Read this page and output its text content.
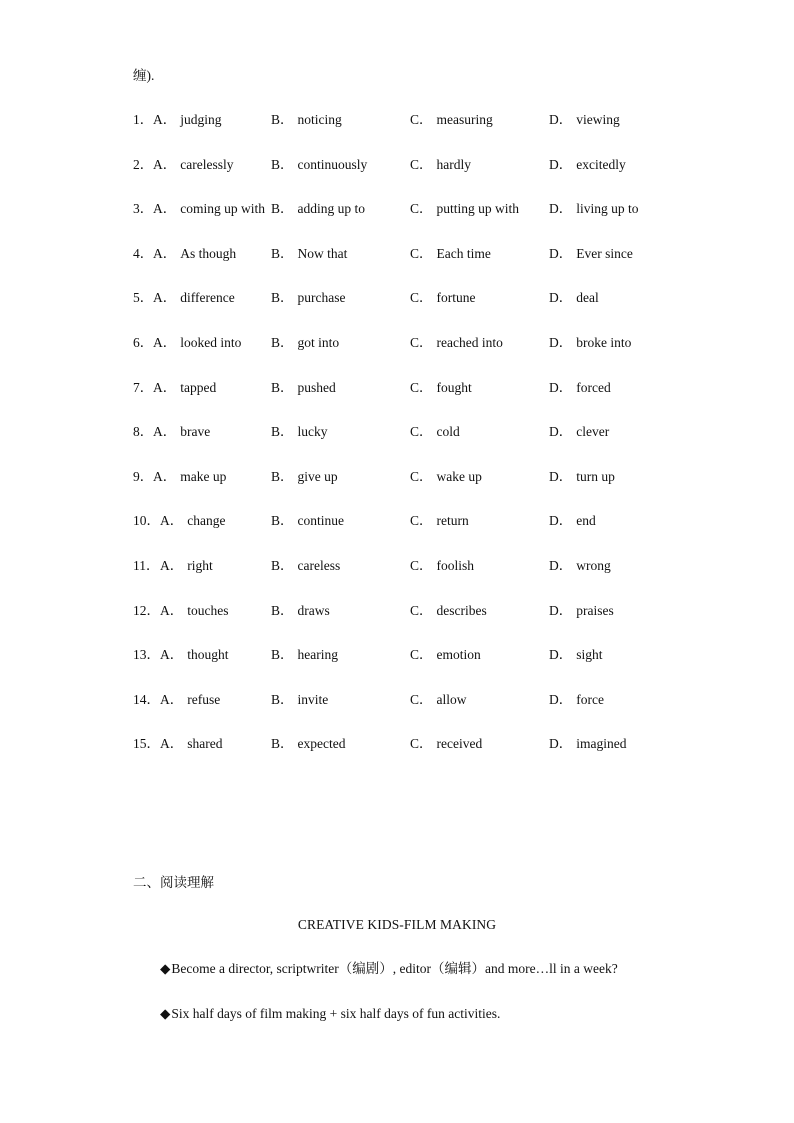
缠).
1． A． judging	B． noticing	C． measuring	D． viewing
2． A． carelessly	B． continuously	C． hardly	D． excitedly
3． A． coming up with B． adding up to	C． putting up with D． living up to
4． A． As though	B． Now that	C． Each time	D． Ever since
5． A． difference	B． purchase	C． fortune	D． deal
6． A． looked into B． got into	C． reached into	D． broke into
7． A． tapped	B． pushed	C． fought	D． forced
8． A． brave	B． lucky	C． cold	D． clever
9． A． make up	B． give up	C． wake up	D． turn up
10． A． change	B． continue	C． return	D． end
11． A． right	B． careless	C． foolish	D． wrong
12． A． touches	B． draws	C． describes	D． praises
13． A． thought	B． hearing	C． emotion	D． sight
14． A． refuse	B． invite	C． allow	D． force
15． A． shared	B． expected	C． received	D． imagined
二、阅读理解
CREATIVE KIDS-FILM MAKING
◆Become a director, scriptwriter（编剧）, editor（编辑）and more…ll in a week?
◆Six half days of film making + six half days of fun activities.
